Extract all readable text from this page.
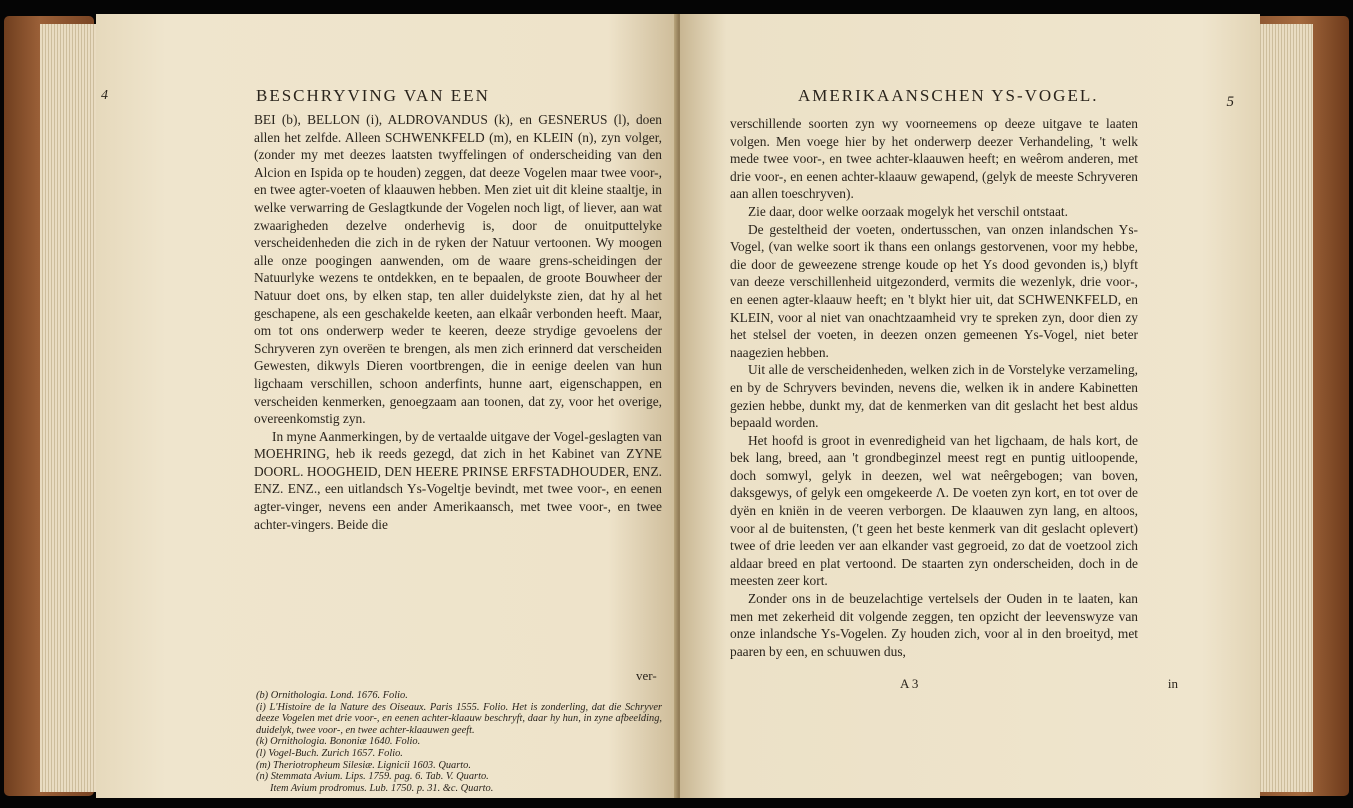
4	BESCHRYVING VAN EEN

BEI (b), BELLON (i), ALDROVANDUS (k), en GESNERUS (l), doen allen het zelfde. Alleen SCHWENKFELD (m), en KLEIN (n), zyn volger, (zonder my met deezes laatsten twyffelingen of onderscheiding van den Alcion en Ispida op te houden) zeggen, dat deeze Vogelen maar twee voor-, en twee agter-voeten of klaauwen hebben. Men ziet uit dit kleine staaltje, in welke verwarring de Geslagtkunde der Vogelen noch ligt, of liever, aan wat zwaarigheden dezelve onderhevig is, door de onuitputtelyke verscheidenheden die zich in de ryken der Natuur vertoonen. Wy moogen alle onze poogingen aanwenden, om de waare grens-scheidingen der Natuurlyke wezens te ontdekken, en te bepaalen, de groote Bouwheer der Natuur doet ons, by elken stap, ten aller duidelykste zien, dat hy al het geschapene, als een geschakelde keeten, aan elkaâr verbonden heeft. Maar, om tot ons onderwerp weder te keeren, deeze strydige gevoelens der Schryveren zyn overëen te brengen, als men zich erinnerd dat verscheiden Gewesten, dikwyls Dieren voortbrengen, die in eenige deelen van hun ligchaam verschillen, schoon anderfints, hunne aart, eigenschappen, en verscheiden kenmerken, genoegzaam aan toonen, dat zy, voor het overige, overeenkomstig zyn.

In myne Aanmerkingen, by de vertaalde uitgave der Vogel-geslagten van MOEHRING, heb ik reeds gezegd, dat zich in het Kabinet van ZYNE DOORL. HOOGHEID, DEN HEERE PRINSE ERFSTADHOUDER, ENZ. ENZ. ENZ., een uitlandsch Ys-Vogeltje bevindt, met twee voor-, en eenen agter-vinger, nevens een ander Amerikaansch, met twee voor-, en twee achter-vingers. Beide die

ver-
(b) Ornithologia. Lond. 1676. Folio.
(i) L'Histoire de la Nature des Oiseaux. Paris 1555. Folio. Het is zonderling, dat die Schryver deeze Vogelen met drie voor-, en eenen achter-klaauw beschryft, daar hy hun, in zyne afbeelding, duidelyk, twee voor-, en twee achter-klaauwen geeft.
(k) Ornithologia. Bononiæ 1640. Folio.
(l) Vogel-Buch. Zurich 1657. Folio.
(m) Theriotropheum Silesiæ. Lignicii 1603. Quarto.
(n) Stemmata Avium. Lips. 1759. pag. 6. Tab. V. Quarto.
Item Avium prodromus. Lub. 1750. p. 31. &c. Quarto.
AMERIKAANSCHEN YS-VOGEL.	5

verschillende soorten zyn wy voorneemens op deeze uitgave te laaten volgen. Men voege hier by het onderwerp deezer Verhandeling, 't welk mede twee voor-, en twee achter-klaauwen heeft; en weêrom anderen, met drie voor-, en eenen achter-klaauw gewapend, (gelyk de meeste Schryveren aan allen toeschryven).

Zie daar, door welke oorzaak mogelyk het verschil ontstaat.

De gesteltheid der voeten, ondertusschen, van onzen inlandschen Ys-Vogel, (van welke soort ik thans een onlangs gestorvenen, voor my hebbe, die door de geweezene strenge koude op het Ys dood gevonden is,) blyft van deeze verschillenheid uitgezonderd, vermits die wezenlyk, drie voor-, en eenen agter-klaauw heeft; en 't blykt hier uit, dat SCHWENKFELD, en KLEIN, voor al niet van onachtzaamheid vry te spreken zyn, door dien zy het stelsel der voeten, in deezen onzen gemeenen Ys-Vogel, niet beter naagezien hebben.

Uit alle de verscheidenheden, welken zich in de Vorstelyke verzameling, en by de Schryvers bevinden, nevens die, welken ik in andere Kabinetten gezien hebbe, dunkt my, dat de kenmerken van dit geslacht het best aldus bepaald worden.

Het hoofd is groot in evenredigheid van het ligchaam, de hals kort, de bek lang, breed, aan 't grondbeginzel meest regt en puntig uitloopende, doch somwyl, gelyk in deezen, wel wat neêrgebogen; van boven, daksgewys, of gelyk een omgekeerde Λ. De voeten zyn kort, en tot over de dyën en kniën in de veeren verborgen. De klaauwen zyn lang, en altoos, voor al de buitensten, ('t geen het beste kenmerk van dit geslacht oplevert) twee of drie leeden ver aan elkander vast gegroeid, zo dat de voetzool zich aldaar breed en plat vertoond. De staarten zyn onderscheiden, doch in de meesten zeer kort.

Zonder ons in de beuzelachtige vertelsels der Ouden in te laaten, kan men met zekerheid dit volgende zeggen, ten opzicht der leevenswyze van onze inlandsche Ys-Vogelen. Zy houden zich, voor al in den broeityd, met paaren by een, en schuuwen dus,

A 3	in
